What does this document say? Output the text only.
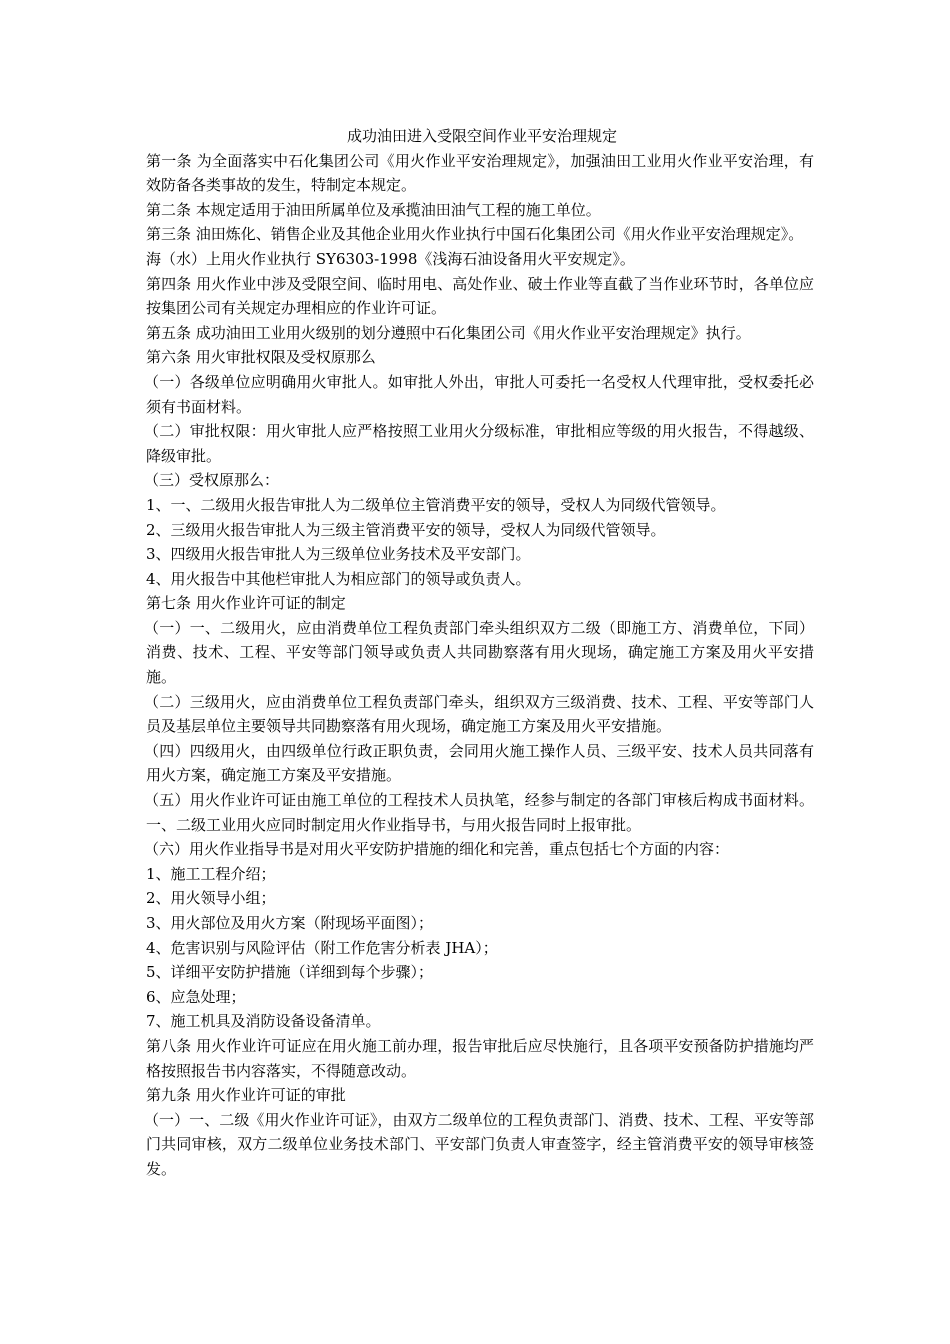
成功油田进入受限空间作业平安治理规定

第一条 为全面落实中石化集团公司《用火作业平安治理规定》，加强油田工业用火作业平安治理，有效防备各类事故的发生，特制定本规定。

第二条 本规定适用于油田所属单位及承揽油田油气工程的施工单位。

第三条 油田炼化、销售企业及其他企业用火作业执行中国石化集团公司《用火作业平安治理规定》。

海（水）上用火作业执行 SY6303-1998《浅海石油设备用火平安规定》。

第四条 用火作业中涉及受限空间、临时用电、高处作业、破土作业等直截了当作业环节时，各单位应按集团公司有关规定办理相应的作业许可证。

第五条 成功油田工业用火级别的划分遵照中石化集团公司《用火作业平安治理规定》执行。

第六条 用火审批权限及受权原那么

（一）各级单位应明确用火审批人。如审批人外出，审批人可委托一名受权人代理审批，受权委托必须有书面材料。

（二）审批权限：用火审批人应严格按照工业用火分级标准，审批相应等级的用火报告，不得越级、降级审批。

（三）受权原那么：

1、一、二级用火报告审批人为二级单位主管消费平安的领导，受权人为同级代管领导。

2、三级用火报告审批人为三级主管消费平安的领导，受权人为同级代管领导。

3、四级用火报告审批人为三级单位业务技术及平安部门。

4、用火报告中其他栏审批人为相应部门的领导或负责人。

第七条 用火作业许可证的制定

（一）一、二级用火，应由消费单位工程负责部门牵头组织双方二级（即施工方、消费单位，下同）消费、技术、工程、平安等部门领导或负责人共同勘察落有用火现场，确定施工方案及用火平安措施。

（二）三级用火，应由消费单位工程负责部门牵头，组织双方三级消费、技术、工程、平安等部门人员及基层单位主要领导共同勘察落有用火现场，确定施工方案及用火平安措施。

（四）四级用火，由四级单位行政正职负责，会同用火施工操作人员、三级平安、技术人员共同落有用火方案，确定施工方案及平安措施。

（五）用火作业许可证由施工单位的工程技术人员执笔，经参与制定的各部门审核后构成书面材料。一、二级工业用火应同时制定用火作业指导书，与用火报告同时上报审批。

（六）用火作业指导书是对用火平安防护措施的细化和完善，重点包括七个方面的内容：

1、施工工程介绍；

2、用火领导小组；

3、用火部位及用火方案（附现场平面图）；

4、危害识别与风险评估（附工作危害分析表 JHA）；

5、详细平安防护措施（详细到每个步骤）；

6、应急处理；

7、施工机具及消防设备设备清单。

第八条 用火作业许可证应在用火施工前办理，报告审批后应尽快施行，且各项平安预备防护措施均严格按照报告书内容落实，不得随意改动。

第九条 用火作业许可证的审批

（一）一、二级《用火作业许可证》，由双方二级单位的工程负责部门、消费、技术、工程、平安等部门共同审核，双方二级单位业务技术部门、平安部门负责人审查签字，经主管消费平安的领导审核签发。
